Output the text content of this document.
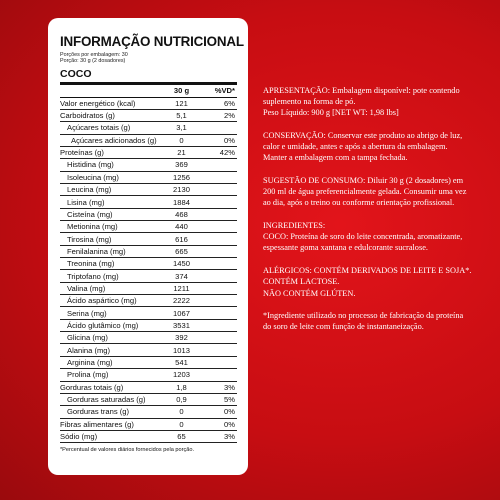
INFORMAÇÃO NUTRICIONAL
Porções por embalagem: 30
Porção: 30 g (2 dosadores)
COCO
	30 g	%VD*
Valor energético (kcal)	121	6%
Carboidratos (g)	5,1	2%
Açúcares totais (g)	3,1	
Açúcares adicionados (g)	0	0%
Proteínas (g)	21	42%
Histidina (mg)	369	
Isoleucina (mg)	1256	
Leucina (mg)	2130	
Lisina (mg)	1884	
Cisteína (mg)	468	
Metionina (mg)	440	
Tirosina (mg)	616	
Fenilalanina (mg)	665	
Treonina (mg)	1450	
Triptofano (mg)	374	
Valina (mg)	1211	
Ácido aspártico (mg)	2222	
Serina (mg)	1067	
Ácido glutâmico (mg)	3531	
Glicina (mg)	392	
Alanina (mg)	1013	
Arginina (mg)	541	
Prolina (mg)	1203	
Gorduras totais (g)	1,8	3%
Gorduras saturadas (g)	0,9	5%
Gorduras trans (g)	0	0%
Fibras alimentares (g)	0	0%
Sódio (mg)	65	3%
*Percentual de valores diários fornecidos pela porção.

APRESENTAÇÃO: Embalagem disponível: pote contendo suplemento na forma de pó.
Peso Líquido: 900 g [NET WT: 1,98 lbs]

CONSERVAÇÃO: Conservar este produto ao abrigo de luz, calor e umidade, antes e após a abertura da embalagem. Manter a embalagem com a tampa fechada.

SUGESTÃO DE CONSUMO: Diluir 30 g (2 dosadores) em 200 ml de água preferencialmente gelada. Consumir uma vez ao dia, após o treino ou conforme orientação profissional.

INGREDIENTES:
COCO: Proteína de soro do leite concentrada, aromatizante, espessante goma xantana e edulcorante sucralose.

ALÉRGICOS: CONTÉM DERIVADOS DE LEITE E SOJA*. CONTÉM LACTOSE.
NÃO CONTÉM GLÚTEN.

*Ingrediente utilizado no processo de fabricação da proteína do soro de leite com função de instantaneização.
